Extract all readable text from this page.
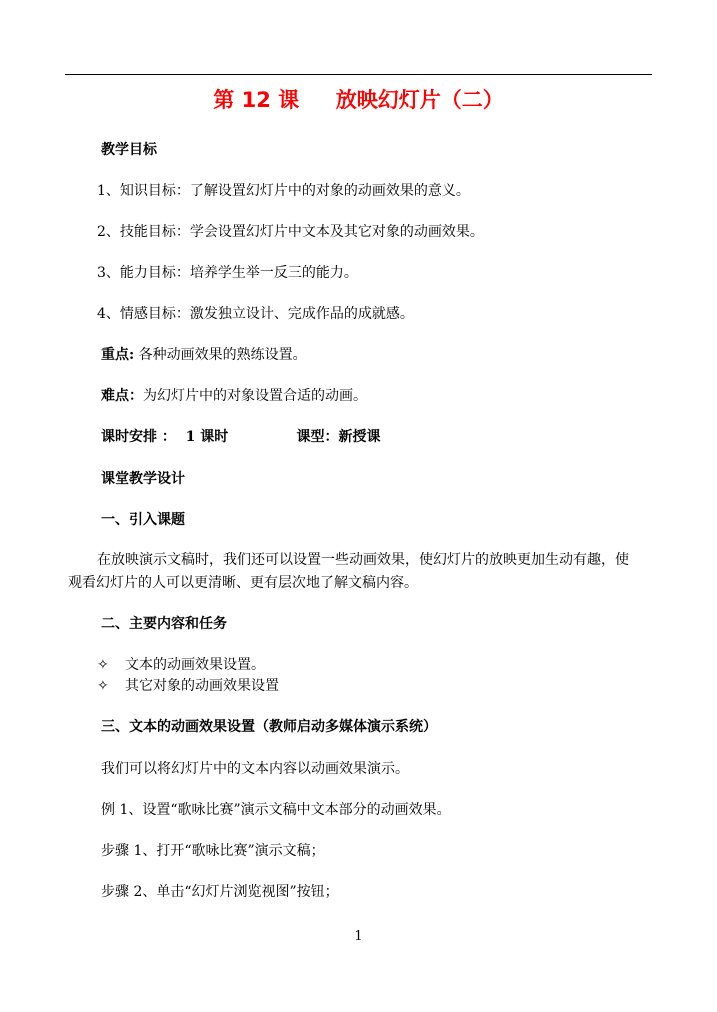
第 12 课     放映幻灯片（二）
教学目标
1、知识目标：了解设置幻灯片中的对象的动画效果的意义。
2、技能目标：学会设置幻灯片中文本及其它对象的动画效果。
3、能力目标：培养学生举一反三的能力。
4、情感目标：激发独立设计、完成作品的成就感。
重点: 各种动画效果的熟练设置。
难点：为幻灯片中的对象设置合适的动画。
课时安排 ：  1 课时              课型：新授课
课堂教学设计
一、引入课题
在放映演示文稿时，我们还可以设置一些动画效果，使幻灯片的放映更加生动有趣，使
观看幻灯片的人可以更清晰、更有层次地了解文稿内容。
二、主要内容和任务
✧ 文本的动画效果设置。
✧ 其它对象的动画效果设置
三、文本的动画效果设置（教师启动多媒体演示系统）
我们可以将幻灯片中的文本内容以动画效果演示。
例 1、设置“歌咏比赛”演示文稿中文本部分的动画效果。
步骤 1、打开“歌咏比赛”演示文稿；
步骤 2、单击“幻灯片浏览视图”按钮；
1
